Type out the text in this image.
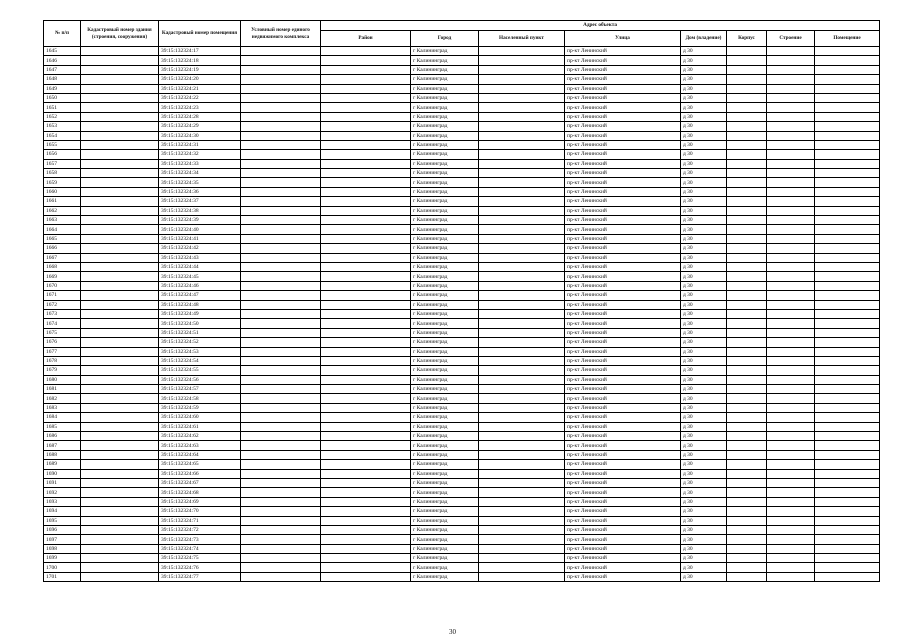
№ п/п	Кадастровый номер здания (строения, сооружения)	Кадастровый номер помещения	Условный номер единого недвижимого комплекса	Адрес объекта							
				Район	Город	Населенный пункт	Улица	Дом (владение)	Корпус	Строение	Помещение
1645		39:15:132324:17			г Калининград		пр-кт Ленинский	д 30			
1646		39:15:132324:18			г Калининград		пр-кт Ленинский	д 30			
1647		39:15:132324:19			г Калининград		пр-кт Ленинский	д 30			
1648		39:15:132324:20			г Калининград		пр-кт Ленинский	д 30			
1649		39:15:132324:21			г Калининград		пр-кт Ленинский	д 30			
1650		39:15:132324:22			г Калининград		пр-кт Ленинский	д 30			
1651		39:15:132324:23			г Калининград		пр-кт Ленинский	д 30			
1652		39:15:132324:28			г Калининград		пр-кт Ленинский	д 30			
1653		39:15:132324:29			г Калининград		пр-кт Ленинский	д 30			
1654		39:15:132324:30			г Калининград		пр-кт Ленинский	д 30			
1655		39:15:132324:31			г Калининград		пр-кт Ленинский	д 30			
1656		39:15:132324:32			г Калининград		пр-кт Ленинский	д 30			
1657		39:15:132324:33			г Калининград		пр-кт Ленинский	д 30			
1658		39:15:132324:34			г Калининград		пр-кт Ленинский	д 30			
1659		39:15:132324:35			г Калининград		пр-кт Ленинский	д 30			
1660		39:15:132324:36			г Калининград		пр-кт Ленинский	д 30			
1661		39:15:132324:37			г Калининград		пр-кт Ленинский	д 30			
1662		39:15:132324:38			г Калининград		пр-кт Ленинский	д 30			
1663		39:15:132324:39			г Калининград		пр-кт Ленинский	д 30			
1664		39:15:132324:40			г Калининград		пр-кт Ленинский	д 30			
1665		39:15:132324:41			г Калининград		пр-кт Ленинский	д 30			
1666		39:15:132324:42			г Калининград		пр-кт Ленинский	д 30			
1667		39:15:132324:43			г Калининград		пр-кт Ленинский	д 30			
1668		39:15:132324:44			г Калининград		пр-кт Ленинский	д 30			
1669		39:15:132324:45			г Калининград		пр-кт Ленинский	д 30			
1670		39:15:132324:46			г Калининград		пр-кт Ленинский	д 30			
1671		39:15:132324:47			г Калининград		пр-кт Ленинский	д 30			
1672		39:15:132324:48			г Калининград		пр-кт Ленинский	д 30			
1673		39:15:132324:49			г Калининград		пр-кт Ленинский	д 30			
1674		39:15:132324:50			г Калининград		пр-кт Ленинский	д 30			
1675		39:15:132324:51			г Калининград		пр-кт Ленинский	д 30			
1676		39:15:132324:52			г Калининград		пр-кт Ленинский	д 30			
1677		39:15:132324:53			г Калининград		пр-кт Ленинский	д 30			
1678		39:15:132324:54			г Калининград		пр-кт Ленинский	д 30			
1679		39:15:132324:55			г Калининград		пр-кт Ленинский	д 30			
1680		39:15:132324:56			г Калининград		пр-кт Ленинский	д 30			
1681		39:15:132324:57			г Калининград		пр-кт Ленинский	д 30			
1682		39:15:132324:58			г Калининград		пр-кт Ленинский	д 30			
1683		39:15:132324:59			г Калининград		пр-кт Ленинский	д 30			
1684		39:15:132324:60			г Калининград		пр-кт Ленинский	д 30			
1685		39:15:132324:61			г Калининград		пр-кт Ленинский	д 30			
1686		39:15:132324:62			г Калининград		пр-кт Ленинский	д 30			
1687		39:15:132324:63			г Калининград		пр-кт Ленинский	д 30			
1688		39:15:132324:64			г Калининград		пр-кт Ленинский	д 30			
1689		39:15:132324:65			г Калининград		пр-кт Ленинский	д 30			
1690		39:15:132324:66			г Калининград		пр-кт Ленинский	д 30			
1691		39:15:132324:67			г Калининград		пр-кт Ленинский	д 30			
1692		39:15:132324:68			г Калининград		пр-кт Ленинский	д 30			
1693		39:15:132324:69			г Калининград		пр-кт Ленинский	д 30			
1694		39:15:132324:70			г Калининград		пр-кт Ленинский	д 30			
1695		39:15:132324:71			г Калининград		пр-кт Ленинский	д 30			
1696		39:15:132324:72			г Калининград		пр-кт Ленинский	д 30			
1697		39:15:132324:73			г Калининград		пр-кт Ленинский	д 30			
1698		39:15:132324:74			г Калининград		пр-кт Ленинский	д 30			
1699		39:15:132324:75			г Калининград		пр-кт Ленинский	д 30			
1700		39:15:132324:76			г Калининград		пр-кт Ленинский	д 30			
1701		39:15:132324:77			г Калининград		пр-кт Ленинский	д 30			
30
